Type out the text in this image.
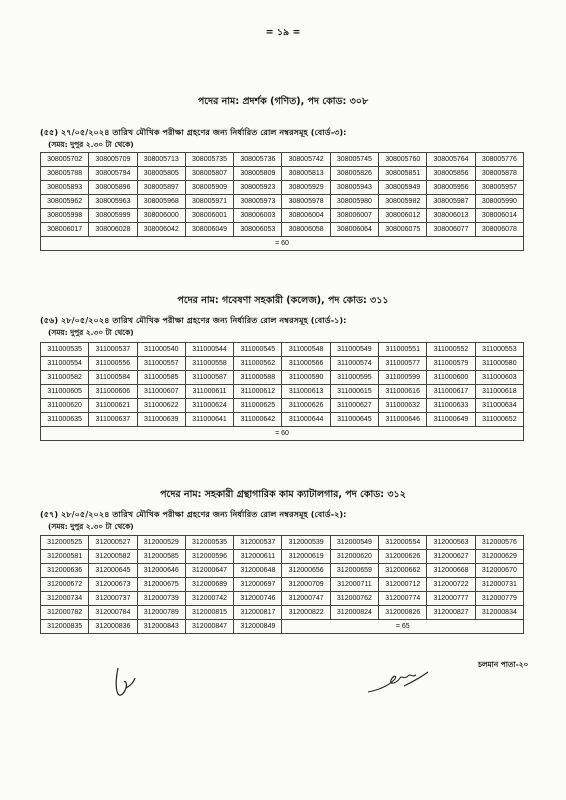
= ১৯ =
পদের নাম: প্রদর্শক (গণিত), পদ কোড: ৩০৮
(৫৫) ২৭/০৫/২০২৪ তারিখ মৌখিক পরীক্ষা গ্রহণের জন্য নির্ধারিত রোল নম্বরসমূহ (বোর্ড-৩):
(সময়: দুপুর ২.৩০ টা থেকে)
308005702	308005709	308005713	308005735	308005736	308005742	308005745	308005760	308005764	308005776
308005788	308005794	308005805	308005807	308005809	308005813	308005826	308005851	308005856	308005878
308005893	308005896	308005897	308005909	308005923	308005929	308005943	308005949	308005956	308005957
308005962	308005963	308005968	308005971	308005973	308005978	308005980	308005982	308005987	308005990
308005998	308005999	308006000	308006001	308006003	308006004	308006007	308006012	308006013	308006014
308006017	308006028	308006042	308006049	308006053	308006058	308006064	308006075	308006077	308006078
= 60									
পদের নাম: গবেষণা সহকারী (কলেজ), পদ কোড: ৩১১
(৫৬) ২৮/০৫/২০২৪ তারিখ মৌখিক পরীক্ষা গ্রহণের জন্য নির্ধারিত রোল নম্বরসমূহ (বোর্ড-১):
(সময়: দুপুর ২.৩০ টা থেকে)
311000535	311000537	311000540	311000544	311000545	311000548	311000549	311000551	311000552	311000553
311000554	311000556	311000557	311000558	311000562	311000566	311000574	311000577	311000579	311000580
311000582	311000584	311000585	311000587	311000588	311000590	311000595	311000599	311000600	311000603
311000605	311000606	311000607	311000611	311000612	311000613	311000615	311000616	311000617	311000618
311000620	311000621	311000622	311000624	311000625	311000626	311000627	311000632	311000633	311000634
311000635	311000637	311000639	311000641	311000642	311000644	311000645	311000646	311000649	311000652
= 60									
পদের নাম: সহকারী গ্রন্থাগারিক কাম ক্যাটালগার, পদ কোড: ৩১২
(৫৭) ২৮/০৫/২০২৪ তারিখ মৌখিক পরীক্ষা গ্রহণের জন্য নির্ধারিত রোল নম্বরসমূহ (বোর্ড-২):
(সময়: দুপুর ২.৩০ টা থেকে)
312000525	312000527	312000529	312000535	312000537	312000539	312000549	312000554	312000563	312000576
312000581	312000582	312000585	312000596	312000611	312000619	312000620	312000626	312000627	312000629
312000636	312000645	312000646	312000647	312000648	312000656	312000659	312000662	312000668	312000670
312000672	312000673	312000675	312000689	312000697	312000709	312000711	312000712	312000722	312000731
312000734	312000737	312000739	312000742	312000746	312000747	312000762	312000774	312000777	312000779
312000782	312000784	312000789	312000815	312000817	312000822	312000824	312000826	312000827	312000834
312000835	312000836	312000843	312000847	312000849	= 65				
চলমান পাতা-২০
